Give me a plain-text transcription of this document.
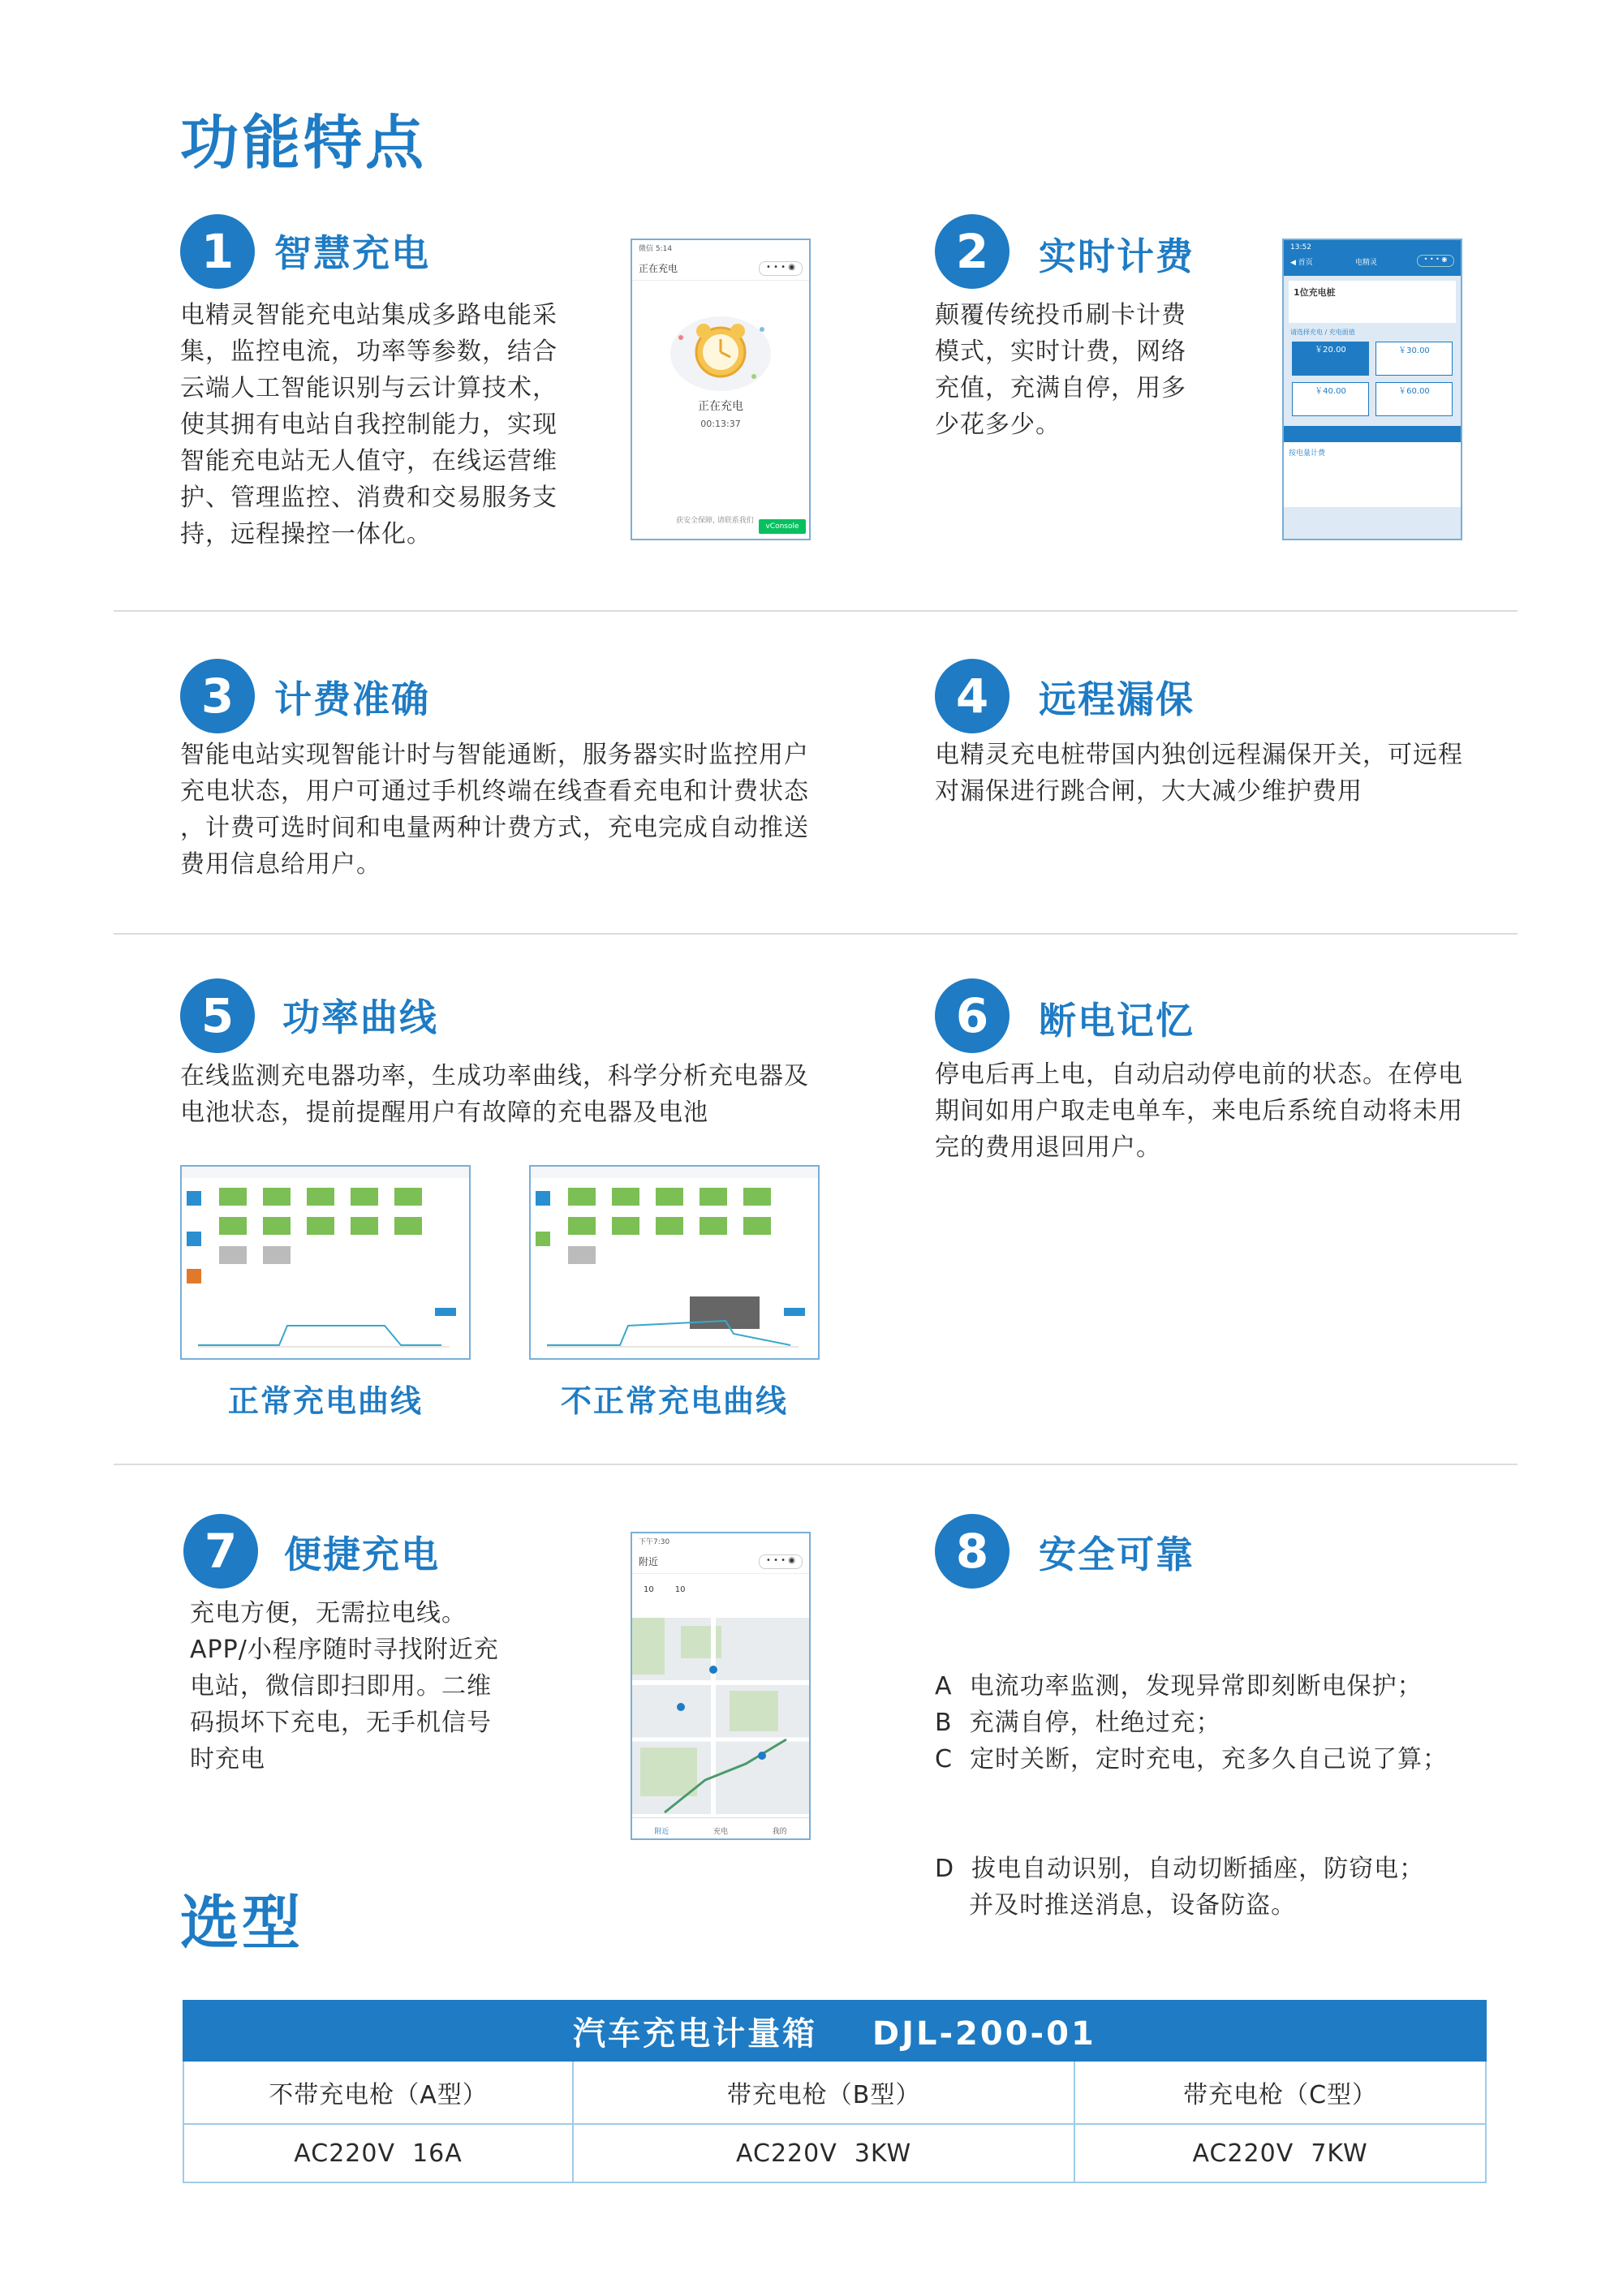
功能特点
1	智慧充电
电精灵智能充电站集成多路电能采
集，监控电流，功率等参数，结合
云端人工智能识别与云计算技术，
使其拥有电站自我控制能力，实现
智能充电站无人值守，在线运营维
护、管理监控、消费和交易服务支
持，远程操控一体化。
微信 5:14
正在充电	• • • ◉
正在充电
00:13:37
获安全保障, 请联系我们
vConsole
2	实时计费
颠覆传统投币刷卡计费
模式，实时计费，网络
充值，充满自停，用多
少花多少。
13:52
◀ 首页	电精灵	• • • ◉
1位充电桩
请选择充电 / 充电面值
￥20.00	￥30.00
￥40.00	￥60.00
按电量计费
3	计费准确
智能电站实现智能计时与智能通断，服务器实时监控用户
充电状态，用户可通过手机终端在线查看充电和计费状态
，计费可选时间和电量两种计费方式，充电完成自动推送
费用信息给用户。
4	远程漏保
电精灵充电桩带国内独创远程漏保开关，可远程
对漏保进行跳合闸，大大减少维护费用
5	功率曲线
在线监测充电器功率，生成功率曲线，科学分析充电器及
电池状态，提前提醒用户有故障的充电器及电池
正常充电曲线	不正常充电曲线
6	断电记忆
停电后再上电，自动启动停电前的状态。在停电
期间如用户取走电单车，来电后系统自动将未用
完的费用退回用户。
7	便捷充电
充电方便，无需拉电线。
APP/小程序随时寻找附近充
电站，微信即扫即用。二维
码损坏下充电，无手机信号
时充电
下午7:30
附近	• • • ◉
10	10
附近	充电	我的
8	安全可靠

A  电流功率监测，发现异常即刻断电保护；
B  充满自停，杜绝过充；
C  定时关断，定时充电，充多久自己说了算；

D  拔电自动识别，自动切断插座，防窃电；
并及时推送消息，设备防盗。

选型
汽车充电计量箱    DJL-200-01		
不带充电枪（A型）	带充电枪（B型）	带充电枪（C型）
AC220V  16A	AC220V  3KW	AC220V  7KW
